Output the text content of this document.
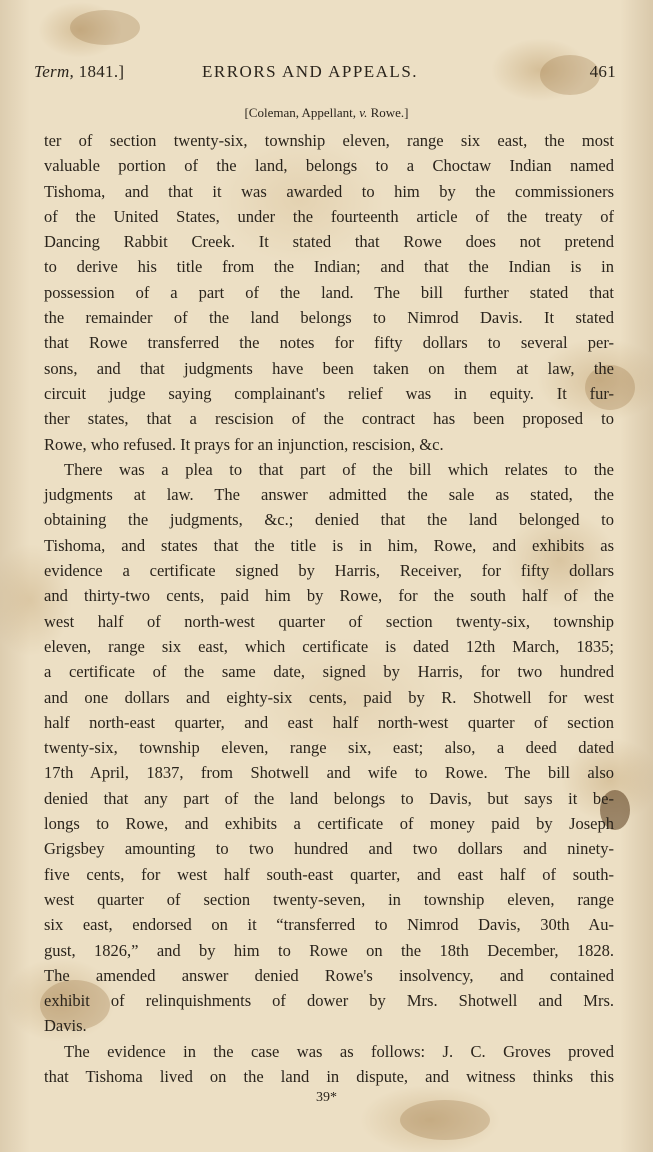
Term, 1841.]	ERRORS AND APPEALS.	461
[Coleman, Appellant, v. Rowe.]
ter of section twenty-six, township eleven, range six east, the most
valuable portion of the land, belongs to a Choctaw Indian named
Tishoma, and that it was awarded to him by the commissioners
of the United States, under the fourteenth article of the treaty of
Dancing Rabbit Creek. It stated that Rowe does not pretend
to derive his title from the Indian; and that the Indian is in
possession of a part of the land. The bill further stated that
the remainder of the land belongs to Nimrod Davis. It stated
that Rowe transferred the notes for fifty dollars to several per-
sons, and that judgments have been taken on them at law, the
circuit judge saying complainant's relief was in equity. It fur-
ther states, that a rescision of the contract has been proposed to
Rowe, who refused. It prays for an injunction, rescision, &c.
There was a plea to that part of the bill which relates to the
judgments at law. The answer admitted the sale as stated, the
obtaining the judgments, &c.; denied that the land belonged to
Tishoma, and states that the title is in him, Rowe, and exhibits as
evidence a certificate signed by Harris, Receiver, for fifty dollars
and thirty-two cents, paid him by Rowe, for the south half of the
west half of north-west quarter of section twenty-six, township
eleven, range six east, which certificate is dated 12th March, 1835;
a certificate of the same date, signed by Harris, for two hundred
and one dollars and eighty-six cents, paid by R. Shotwell for west
half north-east quarter, and east half north-west quarter of section
twenty-six, township eleven, range six, east; also, a deed dated
17th April, 1837, from Shotwell and wife to Rowe. The bill also
denied that any part of the land belongs to Davis, but says it be-
longs to Rowe, and exhibits a certificate of money paid by Joseph
Grigsbey amounting to two hundred and two dollars and ninety-
five cents, for west half south-east quarter, and east half of south-
west quarter of section twenty-seven, in township eleven, range
six east, endorsed on it “transferred to Nimrod Davis, 30th Au-
gust, 1826,” and by him to Rowe on the 18th December, 1828.
The amended answer denied Rowe's insolvency, and contained
exhibit of relinquishments of dower by Mrs. Shotwell and Mrs.
Davis.
The evidence in the case was as follows: J. C. Groves proved
that Tishoma lived on the land in dispute, and witness thinks this
39*
